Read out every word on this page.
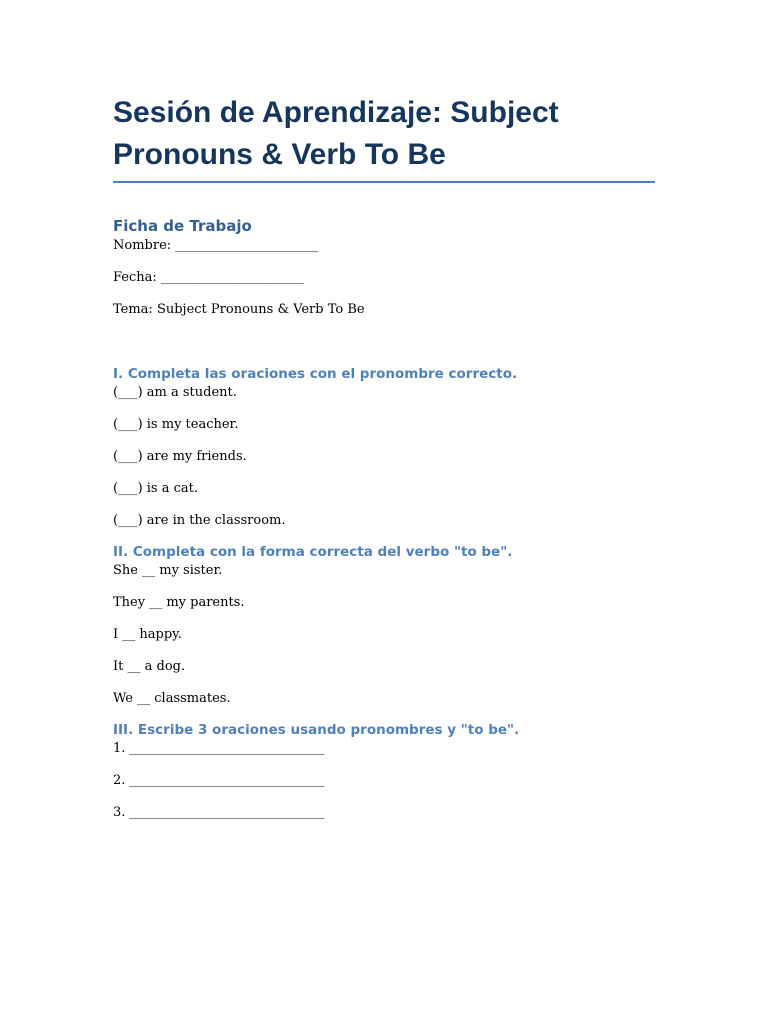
Sesión de Aprendizaje: Subject Pronouns & Verb To Be
Ficha de Trabajo

Nombre: ______________________

Fecha: ______________________

Tema: Subject Pronouns & Verb To Be

I. Completa las oraciones con el pronombre correcto.

(___) am a student.

(___) is my teacher.

(___) are my friends.

(___) is a cat.

(___) are in the classroom.

II. Completa con la forma correcta del verbo "to be".

She __ my sister.

They __ my parents.

I __ happy.

It __ a dog.

We __ classmates.

III. Escribe 3 oraciones usando pronombres y "to be".

1. ______________________________

2. ______________________________

3. ______________________________
